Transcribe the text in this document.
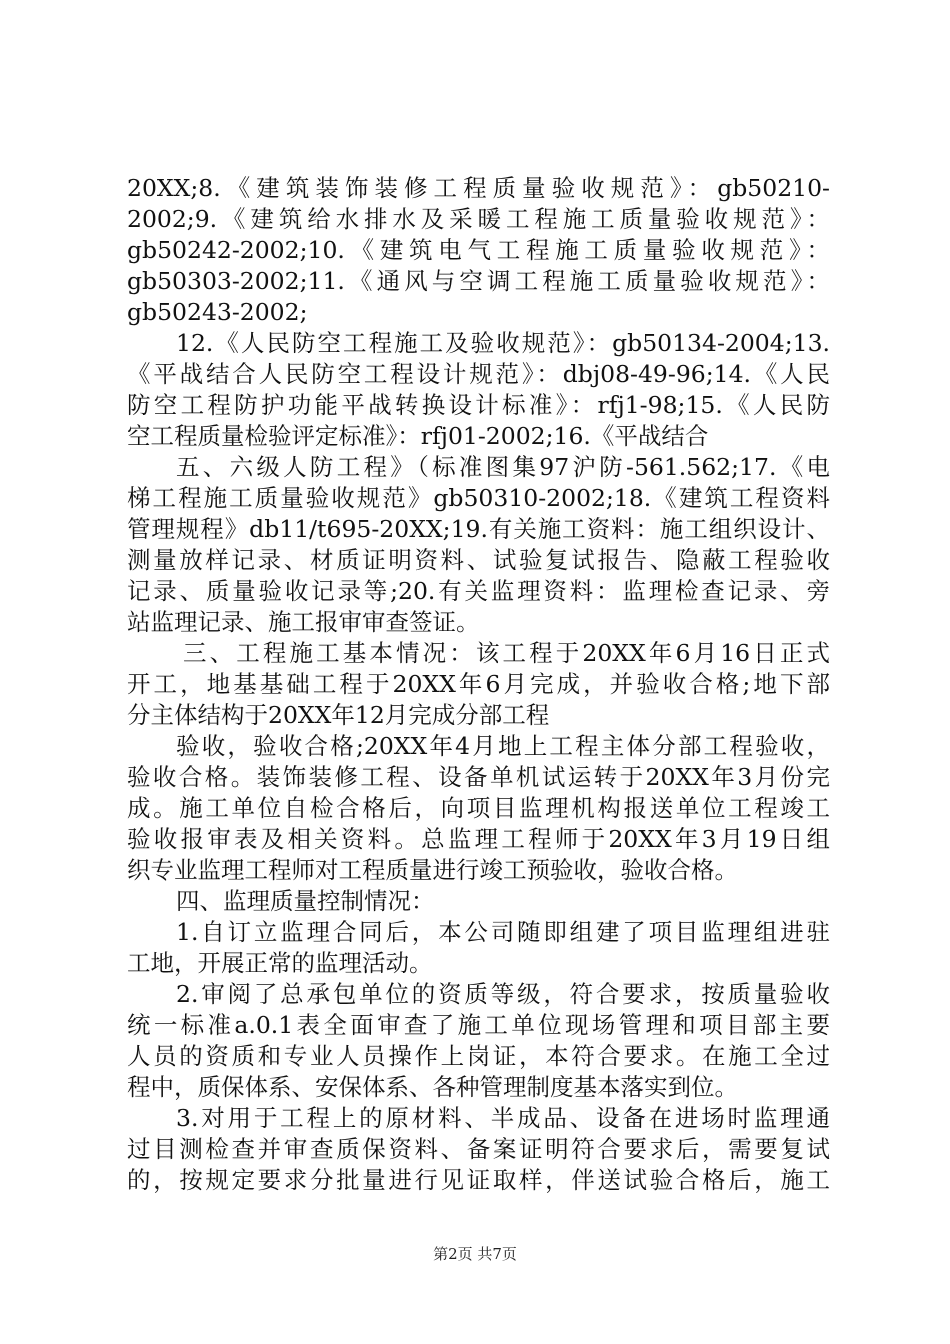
20XX;8.《建筑装饰装修工程质量验收规范》：gb50210-
2002;9.《建筑给水排水及采暖工程施工质量验收规范》：
gb50242-2002;10.《建筑电气工程施工质量验收规范》：
gb50303-2002;11.《通风与空调工程施工质量验收规范》：
gb50243-2002;
12.《人民防空工程施工及验收规范》：gb50134-2004;13.
《平战结合人民防空工程设计规范》：dbj08-49-96;14.《人民
防空工程防护功能平战转换设计标准》：rfj1-98;15.《人民防
空工程质量检验评定标准》：rfj01-2002;16.《平战结合
五、六级人防工程》（标准图集97沪防-561.562;17.《电
梯工程施工质量验收规范》gb50310-2002;18.《建筑工程资料
管理规程》db11/t695-20XX;19.有关施工资料：施工组织设计、
测量放样记录、材质证明资料、试验复试报告、隐蔽工程验收
记录、质量验收记录等;20.有关监理资料：监理检查记录、旁
站监理记录、施工报审审查签证。
三、工程施工基本情况：该工程于20XX年6月16日正式
开工，地基基础工程于20XX年6月完成，并验收合格;地下部
分主体结构于20XX年12月完成分部工程
验收，验收合格;20XX年4月地上工程主体分部工程验收，
验收合格。装饰装修工程、设备单机试运转于20XX年3月份完
成。施工单位自检合格后，向项目监理机构报送单位工程竣工
验收报审表及相关资料。总监理工程师于20XX年3月19日组
织专业监理工程师对工程质量进行竣工预验收，验收合格。
四、监理质量控制情况：
1.自订立监理合同后，本公司随即组建了项目监理组进驻
工地，开展正常的监理活动。
2.审阅了总承包单位的资质等级，符合要求，按质量验收
统一标准a.0.1表全面审查了施工单位现场管理和项目部主要
人员的资质和专业人员操作上岗证，本符合要求。在施工全过
程中，质保体系、安保体系、各种管理制度基本落实到位。
3.对用于工程上的原材料、半成品、设备在进场时监理通
过目测检查并审查质保资料、备案证明符合要求后，需要复试
的，按规定要求分批量进行见证取样，伴送试验合格后，施工
第2页 共7页
